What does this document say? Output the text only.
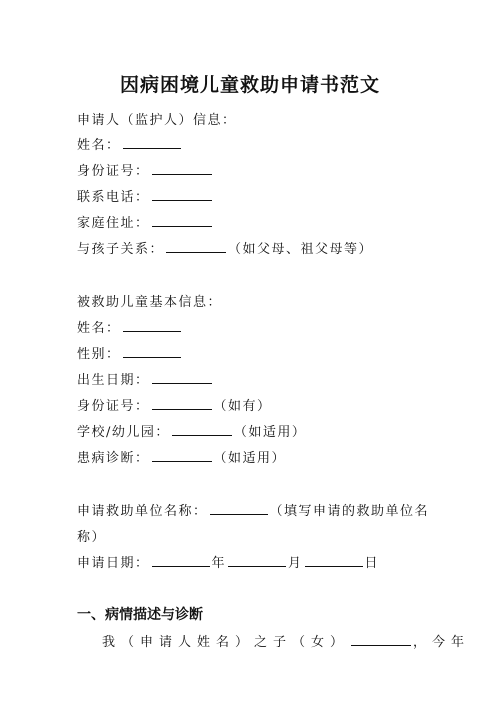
因病困境儿童救助申请书范文
申请人（监护人）信息：
姓名：
身份证号：
联系电话：
家庭住址：
与孩子关系：	（如父母、祖父母等）
被救助儿童基本信息：
姓名：
性别：
出生日期：
身份证号：	（如有）
学校/幼儿园：	（如适用）
患病诊断：	（如适用）
申请救助单位名称：	（填写申请的救助单位名
称）
申请日期：	年	月	日
一、病情描述与诊断
我（申请人姓名）之子（女）	，今年
